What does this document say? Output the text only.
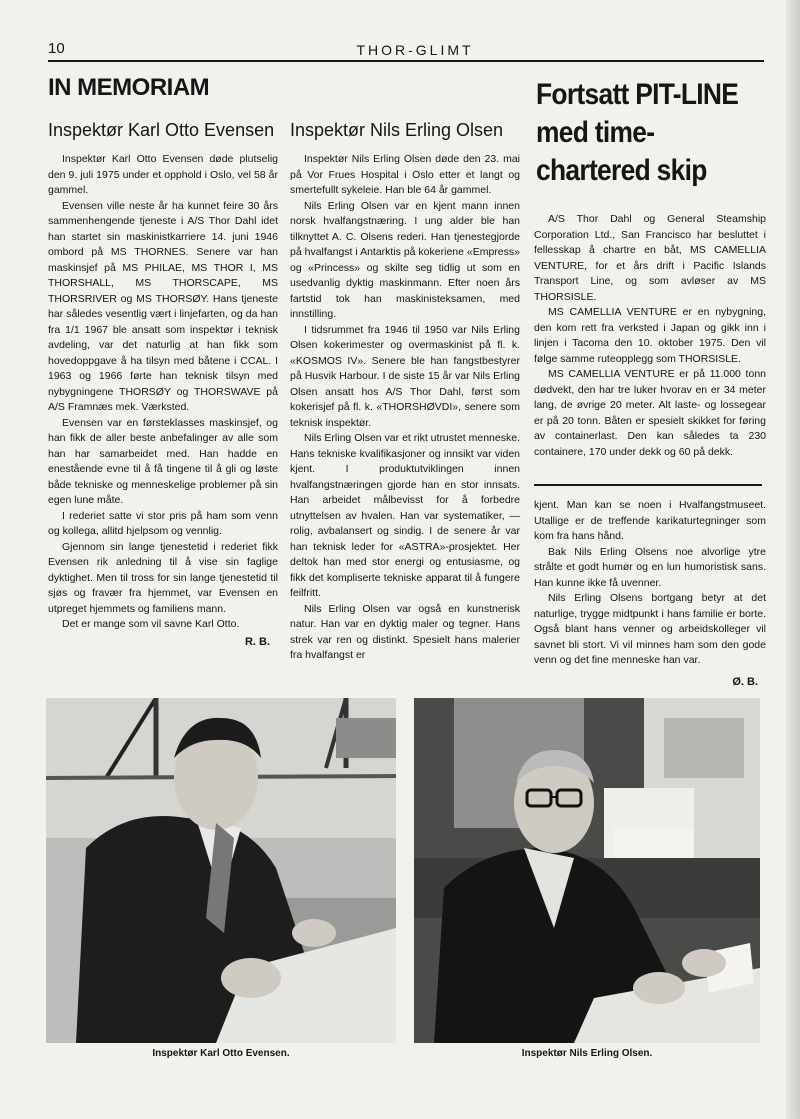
10	THOR-GLIMT
IN MEMORIAM
Inspektør Karl Otto Evensen Inspektør Nils Erling Olsen

Inspektør Karl Otto Evensen døde plutselig den 9. juli 1975 under et opphold i Oslo, vel 58 år gammel.

Evensen ville neste år ha kunnet feire 30 års sammenhengende tjeneste i A/S Thor Dahl idet han startet sin maskinistkarriere 14. juni 1946 ombord på MS THORNES. Senere var han maskinsjef på MS PHILAE, MS THOR I, MS THORSHALL, MS THORSCAPE, MS THORSRIVER og MS THORSØY. Hans tjeneste har således vesentlig vært i linjefarten, og da han fra 1/1 1967 ble ansatt som inspektør i teknisk avdeling, var det naturlig at han fikk som hovedoppgave å ha tilsyn med båtene i CCAL. I 1963 og 1966 førte han teknisk tilsyn med nybygningene THORSØY og THORSWAVE på A/S Framnæs mek. Værksted.

Evensen var en førsteklasses maskinsjef, og han fikk de aller beste anbefalinger av alle som han har samarbeidet med. Han hadde en enestående evne til å få tingene til å gli og løste både tekniske og menneskelige problemer på sin egen lune måte.

I rederiet satte vi stor pris på ham som venn og kollega, allitd hjelpsom og vennlig.

Gjennom sin lange tjenestetid i rederiet fikk Evensen rik anledning til å vise sin faglige dyktighet. Men til tross for sin lange tjenestetid til sjøs og fravær fra hjemmet, var Evensen en utpreget hjemmets og familiens mann.

Det er mange som vil savne Karl Otto.

R. B.

Inspektør Nils Erling Olsen døde den 23. mai på Vor Frues Hospital i Oslo etter et langt og smertefullt sykeleie. Han ble 64 år gammel.

Nils Erling Olsen var en kjent mann innen norsk hvalfangstnæring. I ung alder ble han tilknyttet A. C. Olsens rederi. Han tjenestegjorde på hvalfangst i Antarktis på kokeriene «Empress» og «Princess» og skilte seg tidlig ut som en usedvanlig dyktig maskinmann. Efter noen års fartstid tok han maskinisteksamen, med innstilling.

I tidsrummet fra 1946 til 1950 var Nils Erling Olsen kokerimester og overmaskinist på fl. k. «KOSMOS IV». Senere ble han fangstbestyrer på Husvik Harbour. I de siste 15 år var Nils Erling Olsen ansatt hos A/S Thor Dahl, først som kokerisjef på fl. k. «THORSHØVDI», senere som teknisk inspektør.

Nils Erling Olsen var et rikt utrustet menneske. Hans tekniske kvalifikasjoner og innsikt var viden kjent. I produktutviklingen innen hvalfangstnæringen gjorde han en stor innsats. Han arbeidet målbevisst for å forbedre utnyttelsen av hvalen. Han var systematiker, — rolig, avbalansert og sindig. I de senere år var han teknisk leder for «ASTRA»-prosjektet. Her deltok han med stor energi og entusiasme, og fikk det kompliserte tekniske apparat til å fungere feilfritt.

Nils Erling Olsen var også en kunstnerisk natur. Han var en dyktig maler og tegner. Hans strek var ren og distinkt. Spesielt hans malerier fra hvalfangst er

Fortsatt PIT-LINE
med time-
chartered skip

A/S Thor Dahl og General Steamship Corporation Ltd., San Francisco har besluttet i fellesskap å chartre en båt, MS CAMELLIA VENTURE, for et års drift i Pacific Islands Transport Line, og som avløser av MS THORSISLE.

MS CAMELLIA VENTURE er en nybygning, den kom rett fra verksted i Japan og gikk inn i linjen i Tacoma den 10. oktober 1975. Den vil følge samme ruteopplegg som THORSISLE.

MS CAMELLIA VENTURE er på 11.000 tonn dødvekt, den har tre luker hvorav en er 34 meter lang, de øvrige 20 meter. Alt laste- og lossegear er på 20 tonn. Båten er spesielt skikket for føring av containerlast. Den kan således ta 230 containere, 170 under dekk og 60 på dekk.

kjent. Man kan se noen i Hvalfangstmuseet. Utallige er de treffende karikaturtegninger som kom fra hans hånd.

Bak Nils Erling Olsens noe alvorlige ytre strålte et godt humør og en lun humoristisk sans. Han kunne ikke få uvenner.

Nils Erling Olsens bortgang betyr at det naturlige, trygge midtpunkt i hans familie er borte. Også blant hans venner og arbeidskolleger vil savnet bli stort. Vi vil minnes ham som den gode venn og det fine menneske han var.

Ø. B.
Inspektør Karl Otto Evensen.	Inspektør Nils Erling Olsen.
